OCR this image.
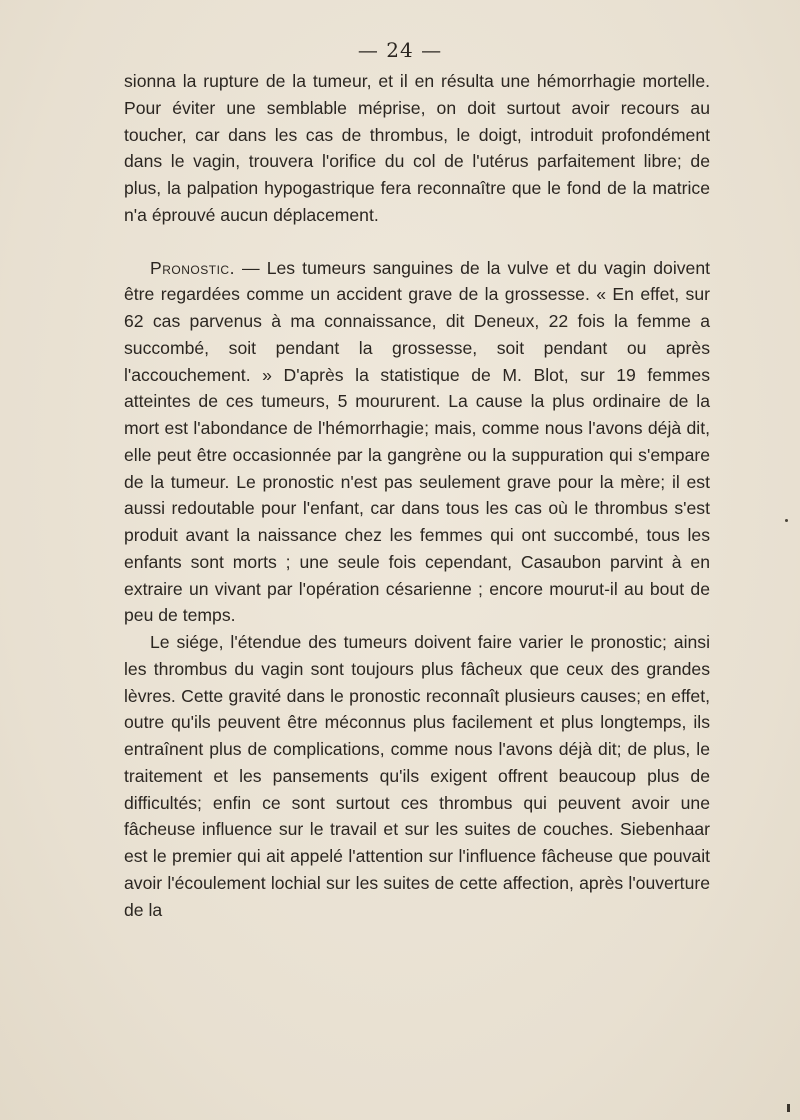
— 24 —

sionna la rupture de la tumeur, et il en résulta une hémorrhagie mortelle. Pour éviter une semblable méprise, on doit surtout avoir recours au toucher, car dans les cas de thrombus, le doigt, introduit profondément dans le vagin, trouvera l'orifice du col de l'utérus parfaitement libre; de plus, la palpation hypogastrique fera reconnaître que le fond de la matrice n'a éprouvé aucun déplacement.

Pronostic. — Les tumeurs sanguines de la vulve et du vagin doivent être regardées comme un accident grave de la grossesse. « En effet, sur 62 cas parvenus à ma connaissance, dit Deneux, 22 fois la femme a succombé, soit pendant la grossesse, soit pendant ou après l'accouchement. » D'après la statistique de M. Blot, sur 19 femmes atteintes de ces tumeurs, 5 moururent. La cause la plus ordinaire de la mort est l'abondance de l'hémorrhagie; mais, comme nous l'avons déjà dit, elle peut être occasionnée par la gangrène ou la suppuration qui s'empare de la tumeur. Le pronostic n'est pas seulement grave pour la mère; il est aussi redoutable pour l'enfant, car dans tous les cas où le thrombus s'est produit avant la naissance chez les femmes qui ont succombé, tous les enfants sont morts ; une seule fois cependant, Casaubon parvint à en extraire un vivant par l'opération césarienne ; encore mourut-il au bout de peu de temps.

Le siége, l'étendue des tumeurs doivent faire varier le pronostic; ainsi les thrombus du vagin sont toujours plus fâcheux que ceux des grandes lèvres. Cette gravité dans le pronostic reconnaît plusieurs causes; en effet, outre qu'ils peuvent être méconnus plus facilement et plus longtemps, ils entraînent plus de complications, comme nous l'avons déjà dit; de plus, le traitement et les pansements qu'ils exigent offrent beaucoup plus de difficultés; enfin ce sont surtout ces thrombus qui peuvent avoir une fâcheuse influence sur le travail et sur les suites de couches. Siebenhaar est le premier qui ait appelé l'attention sur l'influence fâcheuse que pouvait avoir l'écoulement lochial sur les suites de cette affection, après l'ouverture de la
